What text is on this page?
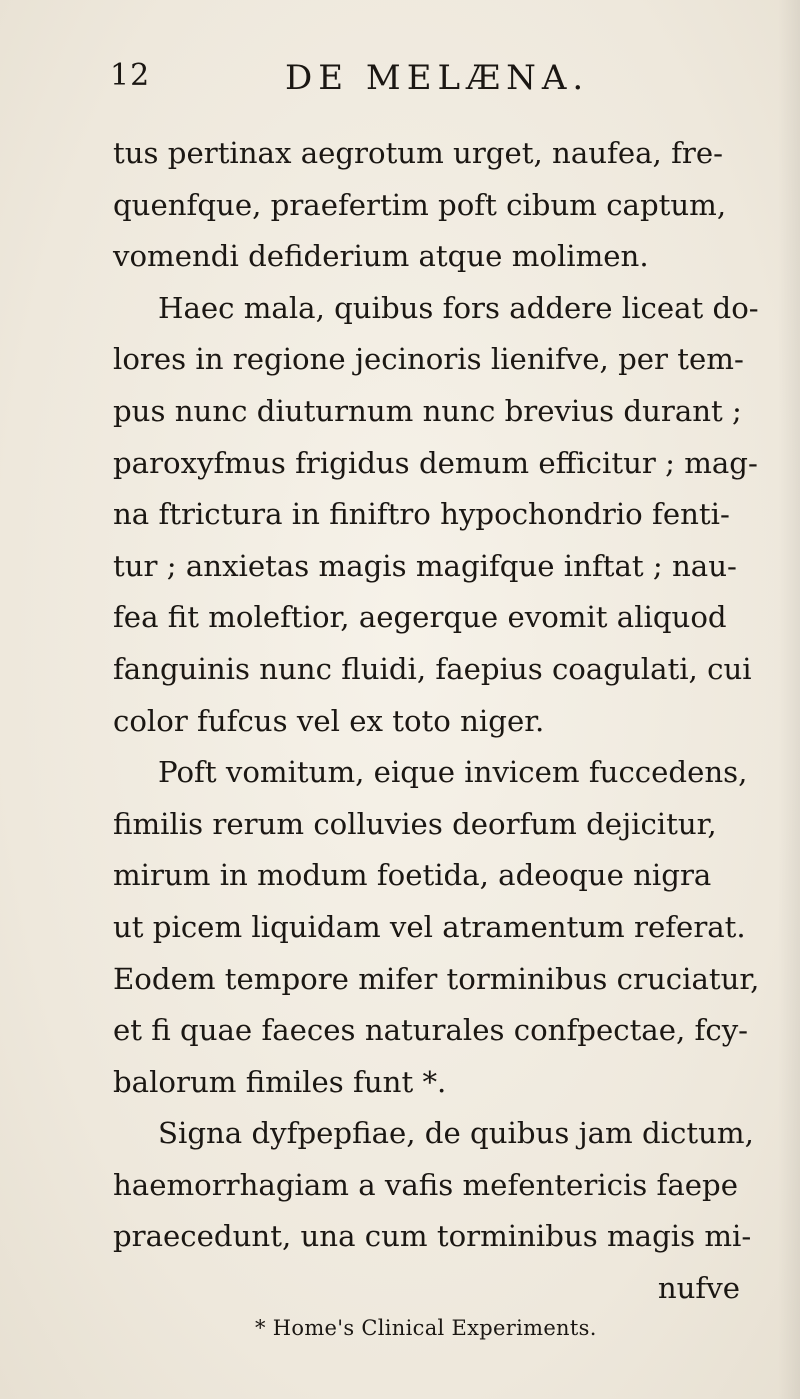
12	DE MELÆNA.
tus pertinax aegrotum urget, naufea, fre-
quenfque, praefertim poft cibum captum,
vomendi defiderium atque molimen.
Haec mala, quibus fors addere liceat do-
lores in regione jecinoris lienifve, per tem-
pus nunc diuturnum nunc brevius durant ;
paroxyfmus frigidus demum efficitur ; mag-
na ftrictura in finiftro hypochondrio fenti-
tur ; anxietas magis magifque inftat ; nau-
fea fit moleftior, aegerque evomit aliquod
fanguinis nunc fluidi, faepius coagulati, cui
color fufcus vel ex toto niger.
Poft vomitum, eique invicem fuccedens,
fimilis rerum colluvies deorfum dejicitur,
mirum in modum foetida, adeoque nigra
ut picem liquidam vel atramentum referat.
Eodem tempore mifer torminibus cruciatur,
et fi quae faeces naturales confpectae, fcy-
balorum fimiles funt *.
Signa dyfpepfiae, de quibus jam dictum,
haemorrhagiam a vafis mefentericis faepe
praecedunt, una cum torminibus magis mi-
nufve
* Home's Clinical Experiments.
